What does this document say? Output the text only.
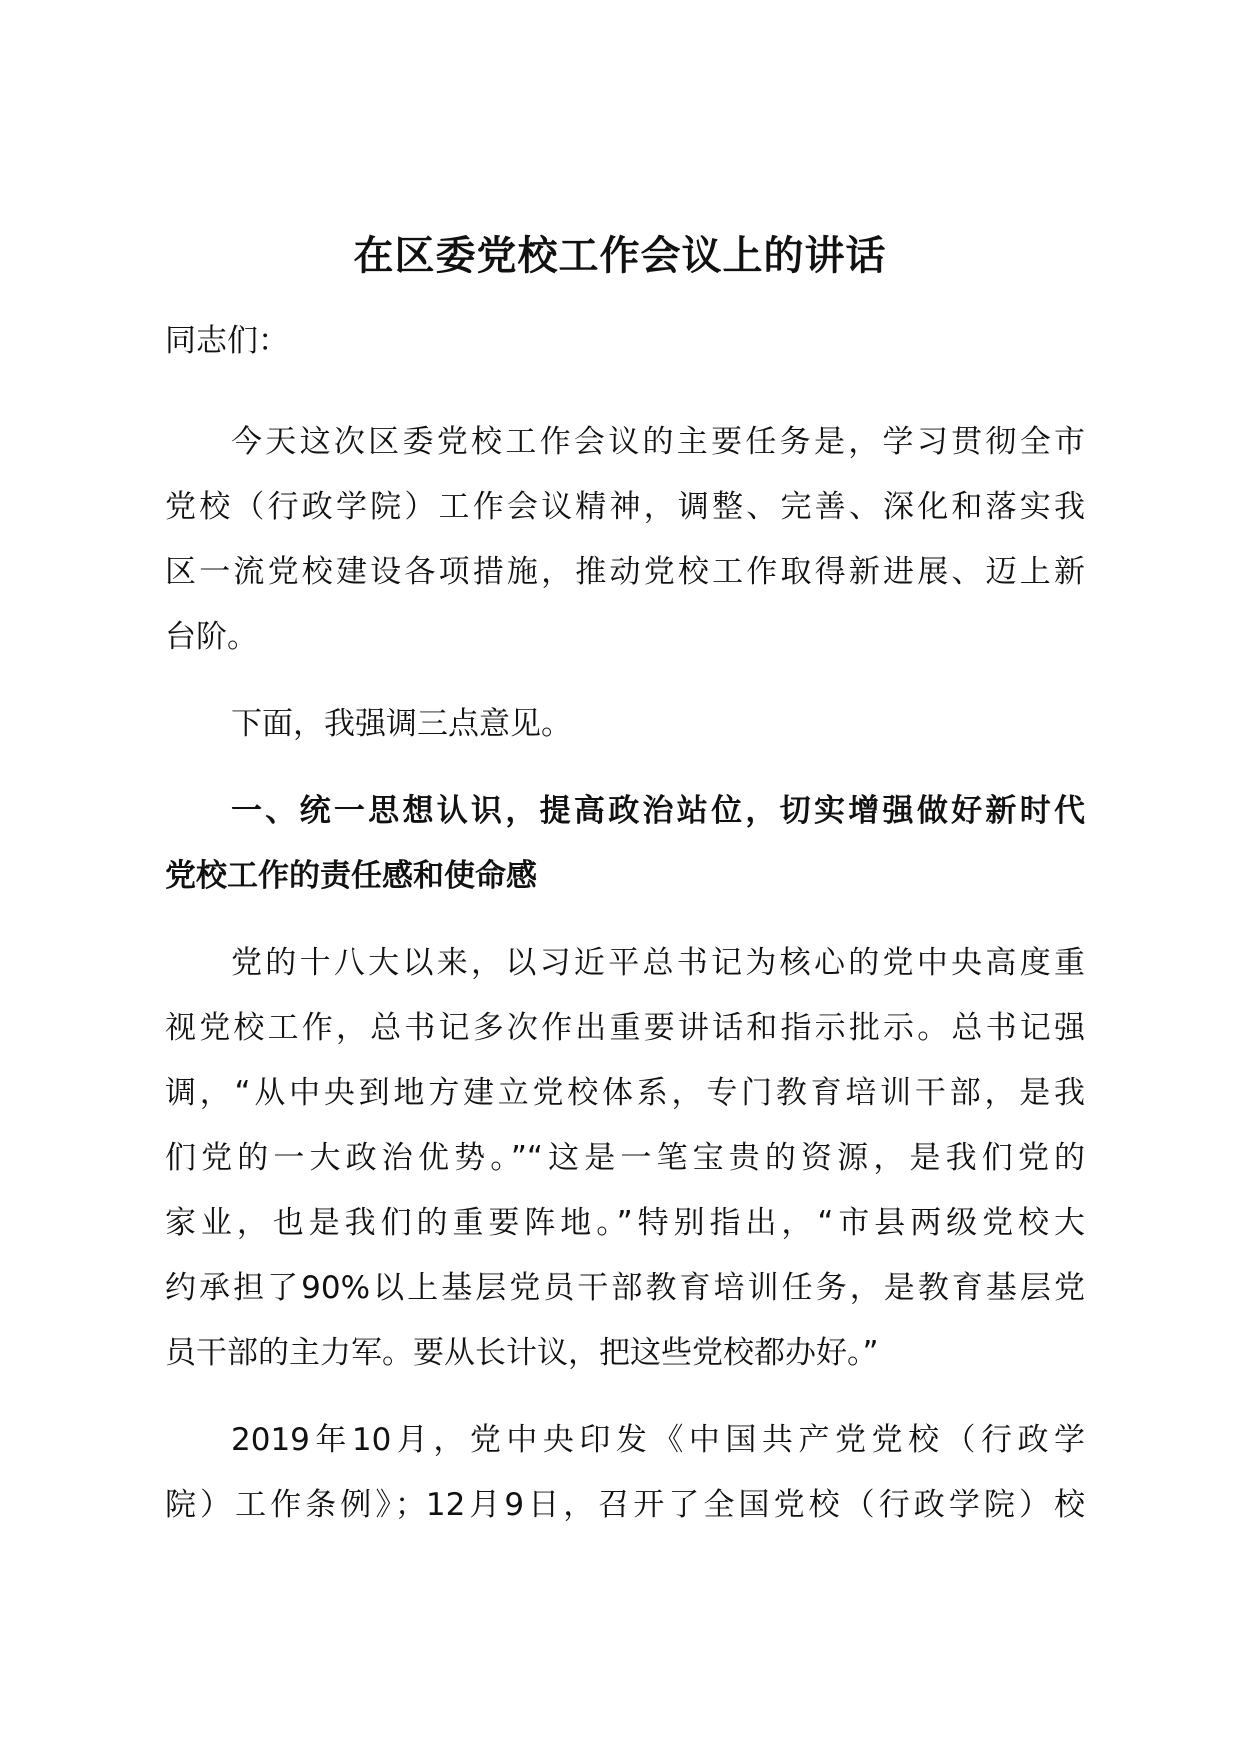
在区委党校工作会议上的讲话
同志们：
今天这次区委党校工作会议的主要任务是，学习贯彻全市
党校（行政学院）工作会议精神，调整、完善、深化和落实我
区一流党校建设各项措施，推动党校工作取得新进展、迈上新
台阶。
下面，我强调三点意见。
一、统一思想认识，提高政治站位，切实增强做好新时代
党校工作的责任感和使命感
党的十八大以来，以习近平总书记为核心的党中央高度重
视党校工作，总书记多次作出重要讲话和指示批示。总书记强
调，“从中央到地方建立党校体系，专门教育培训干部，是我
们党的一大政治优势。”“这是一笔宝贵的资源，是我们党的
家业，也是我们的重要阵地。”特别指出，“市县两级党校大
约承担了90%以上基层党员干部教育培训任务，是教育基层党
员干部的主力军。要从长计议，把这些党校都办好。”
2019年10月，党中央印发《中国共产党党校（行政学
院）工作条例》；12月9日，召开了全国党校（行政学院）校
